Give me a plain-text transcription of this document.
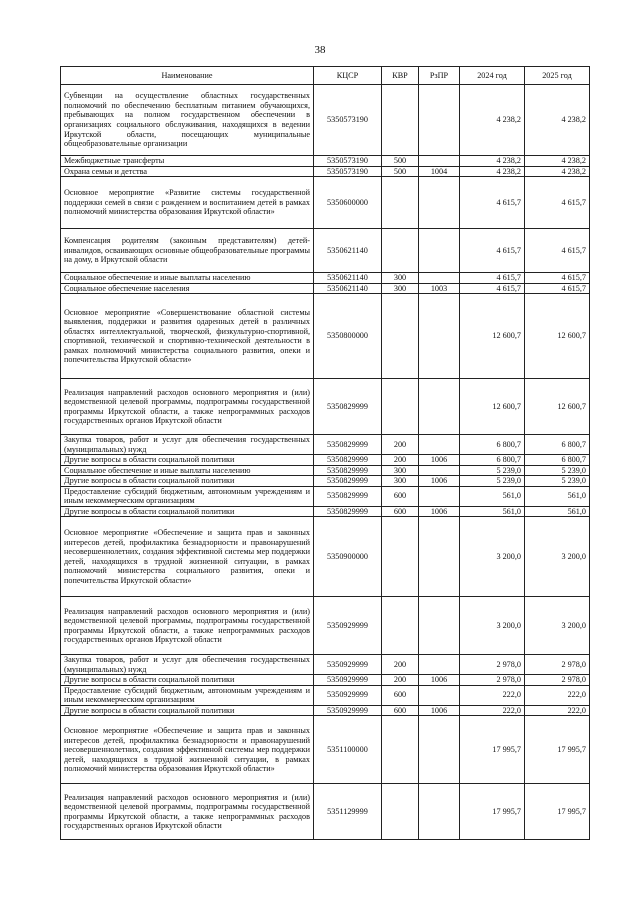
38
Наименование	КЦСР	КВР	РзПР	2024 год	2025 год
Субвенции на осуществление областных государственных полномочий по обеспечению бесплатным питанием обучающихся, пребывающих на полном государственном обеспечении в организациях социального обслуживания, находящихся в ведении Иркутской области, посещающих муниципальные общеобразовательные организации	5350573190			4 238,2	4 238,2
Межбюджетные трансферты	5350573190	500		4 238,2	4 238,2
Охрана семьи и детства	5350573190	500	1004	4 238,2	4 238,2
Основное мероприятие «Развитие системы государственной поддержки семей в связи с рождением и воспитанием детей в рамках полномочий министерства образования Иркутской области»	5350600000			4 615,7	4 615,7
Компенсация родителям (законным представителям) детей-инвалидов, осваивающих основные общеобразовательные программы на дому, в Иркутской области	5350621140			4 615,7	4 615,7
Социальное обеспечение и иные выплаты населению	5350621140	300		4 615,7	4 615,7
Социальное обеспечение населения	5350621140	300	1003	4 615,7	4 615,7
Основное мероприятие «Совершенствование областной системы выявления, поддержки и развития одаренных детей в различных областях интеллектуальной, творческой, физкультурно-спортивной, спортивной, технической и спортивно-технической деятельности в рамках полномочий министерства социального развития, опеки и попечительства Иркутской области»	5350800000			12 600,7	12 600,7
Реализация направлений расходов основного мероприятия и (или) ведомственной целевой программы, подпрограммы государственной программы Иркутской области, а также непрограммных расходов государственных органов Иркутской области	5350829999			12 600,7	12 600,7
Закупка товаров, работ и услуг для обеспечения государственных (муниципальных) нужд	5350829999	200		6 800,7	6 800,7
Другие вопросы в области социальной политики	5350829999	200	1006	6 800,7	6 800,7
Социальное обеспечение и иные выплаты населению	5350829999	300		5 239,0	5 239,0
Другие вопросы в области социальной политики	5350829999	300	1006	5 239,0	5 239,0
Предоставление субсидий бюджетным, автономным учреждениям и иным некоммерческим организациям	5350829999	600		561,0	561,0
Другие вопросы в области социальной политики	5350829999	600	1006	561,0	561,0
Основное мероприятие «Обеспечение и защита прав и законных интересов детей, профилактика безнадзорности и правонарушений несовершеннолетних, создания эффективной системы мер поддержки детей, находящихся в трудной жизненной ситуации, в рамках полномочий министерства социального развития, опеки и попечительства Иркутской области»	5350900000			3 200,0	3 200,0
Реализация направлений расходов основного мероприятия и (или) ведомственной целевой программы, подпрограммы государственной программы Иркутской области, а также непрограммных расходов государственных органов Иркутской области	5350929999			3 200,0	3 200,0
Закупка товаров, работ и услуг для обеспечения государственных (муниципальных) нужд	5350929999	200		2 978,0	2 978,0
Другие вопросы в области социальной политики	5350929999	200	1006	2 978,0	2 978,0
Предоставление субсидий бюджетным, автономным учреждениям и иным некоммерческим организациям	5350929999	600		222,0	222,0
Другие вопросы в области социальной политики	5350929999	600	1006	222,0	222,0
Основное мероприятие «Обеспечение и защита прав и законных интересов детей, профилактика безнадзорности и правонарушений несовершеннолетних, создания эффективной системы мер поддержки детей, находящихся в трудной жизненной ситуации, в рамках полномочий министерства образования Иркутской области»	5351100000			17 995,7	17 995,7
Реализация направлений расходов основного мероприятия и (или) ведомственной целевой программы, подпрограммы государственной программы Иркутской области, а также непрограммных расходов государственных органов Иркутской области	5351129999			17 995,7	17 995,7
